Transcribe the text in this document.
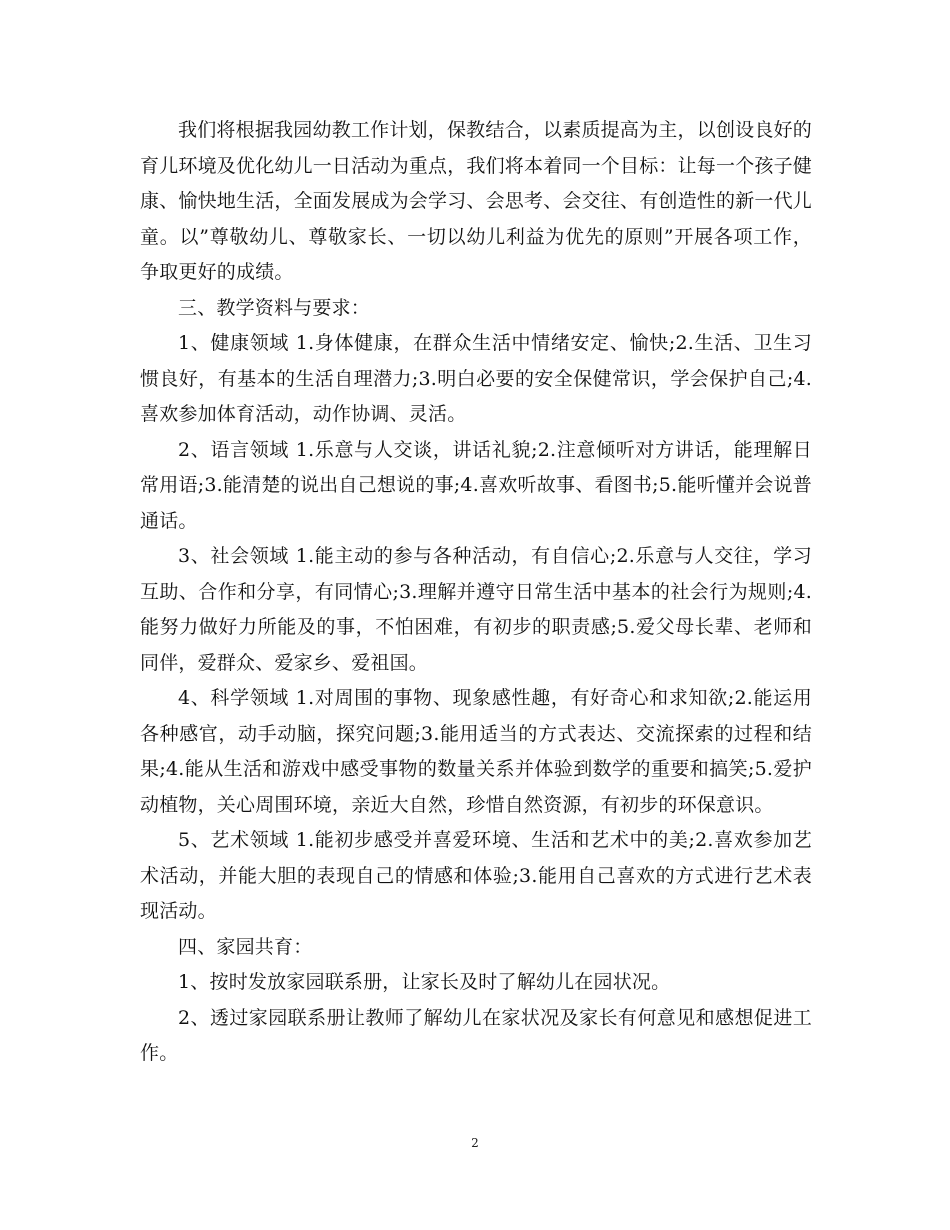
我们将根据我园幼教工作计划，保教结合，以素质提高为主，以创设良好的育儿环境及优化幼儿一日活动为重点，我们将本着同一个目标：让每一个孩子健康、愉快地生活，全面发展成为会学习、会思考、会交往、有创造性的新一代儿童。以”尊敬幼儿、尊敬家长、一切以幼儿利益为优先的原则”开展各项工作，争取更好的成绩。

三、教学资料与要求：

1、健康领域 1.身体健康，在群众生活中情绪安定、愉快;2.生活、卫生习惯良好，有基本的生活自理潜力;3.明白必要的安全保健常识，学会保护自己;4.喜欢参加体育活动，动作协调、灵活。

2、语言领域 1.乐意与人交谈，讲话礼貌;2.注意倾听对方讲话，能理解日常用语;3.能清楚的说出自己想说的事;4.喜欢听故事、看图书;5.能听懂并会说普通话。

3、社会领域 1.能主动的参与各种活动，有自信心;2.乐意与人交往，学习互助、合作和分享，有同情心;3.理解并遵守日常生活中基本的社会行为规则;4.能努力做好力所能及的事，不怕困难，有初步的职责感;5.爱父母长辈、老师和同伴，爱群众、爱家乡、爱祖国。

4、科学领域 1.对周围的事物、现象感性趣，有好奇心和求知欲;2.能运用各种感官，动手动脑，探究问题;3.能用适当的方式表达、交流探索的过程和结果;4.能从生活和游戏中感受事物的数量关系并体验到数学的重要和搞笑;5.爱护动植物，关心周围环境，亲近大自然，珍惜自然资源，有初步的环保意识。

5、艺术领域 1.能初步感受并喜爱环境、生活和艺术中的美;2.喜欢参加艺术活动，并能大胆的表现自己的情感和体验;3.能用自己喜欢的方式进行艺术表现活动。

四、家园共育：

1、按时发放家园联系册，让家长及时了解幼儿在园状况。

2、透过家园联系册让教师了解幼儿在家状况及家长有何意见和感想促进工作。

2
